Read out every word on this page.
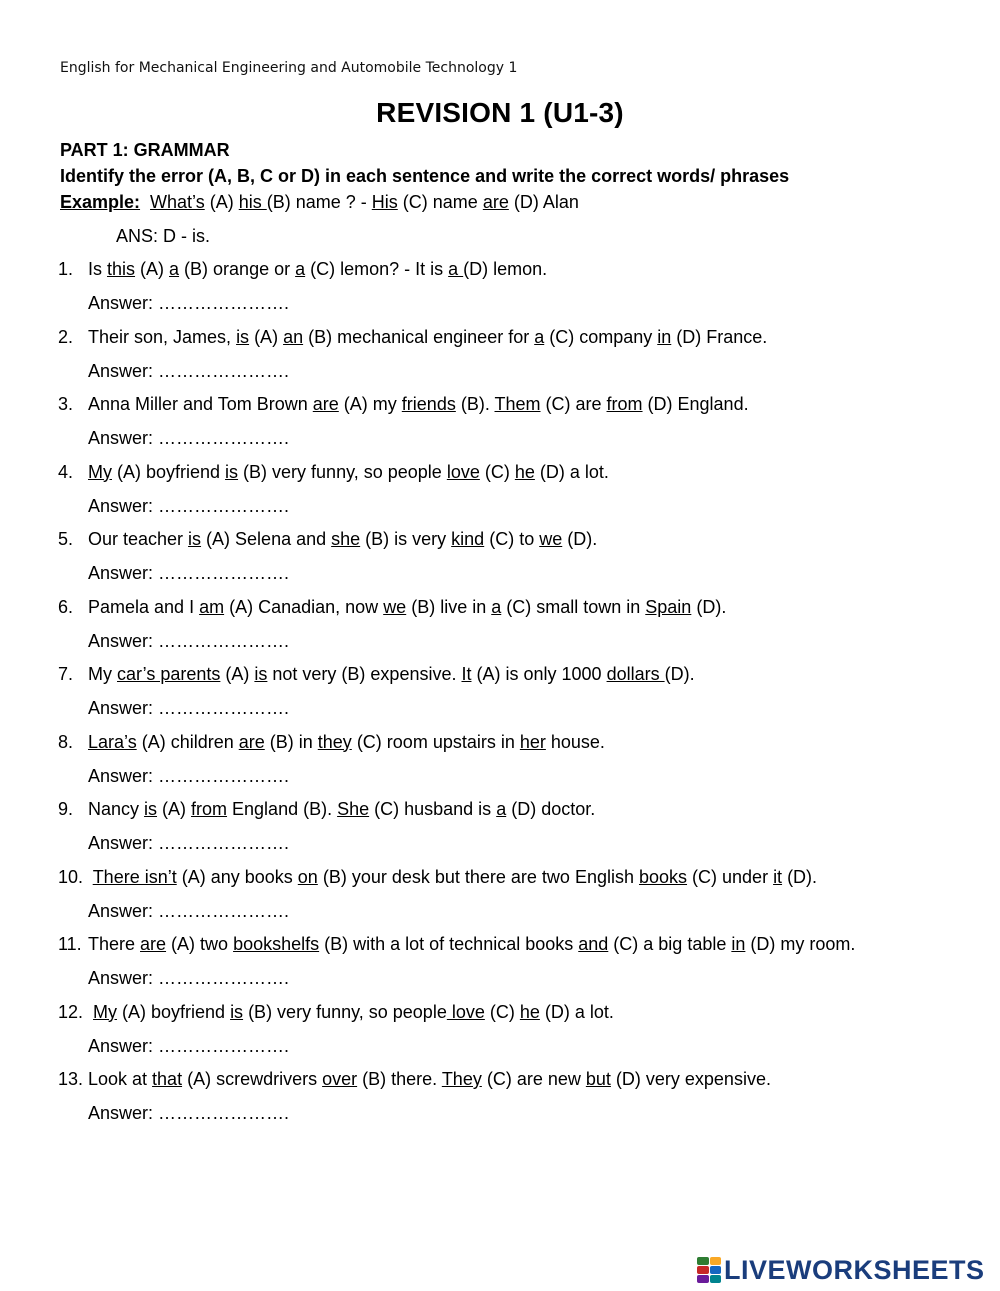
English for Mechanical Engineering and Automobile Technology 1
REVISION 1 (U1-3)
PART 1: GRAMMAR
Identify the error (A, B, C or D) in each sentence and write the correct words/ phrases
Example: What’s (A) his (B) name ? - His (C) name are (D) Alan
ANS: D - is.
1. Is this (A) a (B) orange or a (C) lemon? - It is a (D) lemon.
Answer: ………………….
2. Their son, James, is (A) an (B) mechanical engineer for a (C) company in (D) France.
Answer: ………………….
3. Anna Miller and Tom Brown are (A) my friends (B). Them (C) are from (D) England.
Answer: ………………….
4. My (A) boyfriend is (B) very funny, so people love (C) he (D) a lot.
Answer: ………………….
5. Our teacher is (A) Selena and she (B) is very kind (C) to we (D).
Answer: ………………….
6. Pamela and I am (A) Canadian, now we (B) live in a (C) small town in Spain (D).
Answer: ………………….
7. My car’s parents (A) is not very (B) expensive. It (A) is only 1000 dollars (D).
Answer: ………………….
8. Lara’s (A) children are (B) in they (C) room upstairs in her house.
Answer: ………………….
9. Nancy is (A) from England (B). She (C) husband is a (D) doctor.
Answer: ………………….
10. There isn’t (A) any books on (B) your desk but there are two English books (C) under it (D).
Answer: ………………….
11. There are (A) two bookshelfs (B) with a lot of technical books and (C) a big table in (D) my room.
Answer: ………………….
12. My (A) boyfriend is (B) very funny, so people love (C) he (D) a lot.
Answer: ………………….
13. Look at that (A) screwdrivers over (B) there. They (C) are new but (D) very expensive.
Answer: ………………….
LIVEWORKSHEETS
